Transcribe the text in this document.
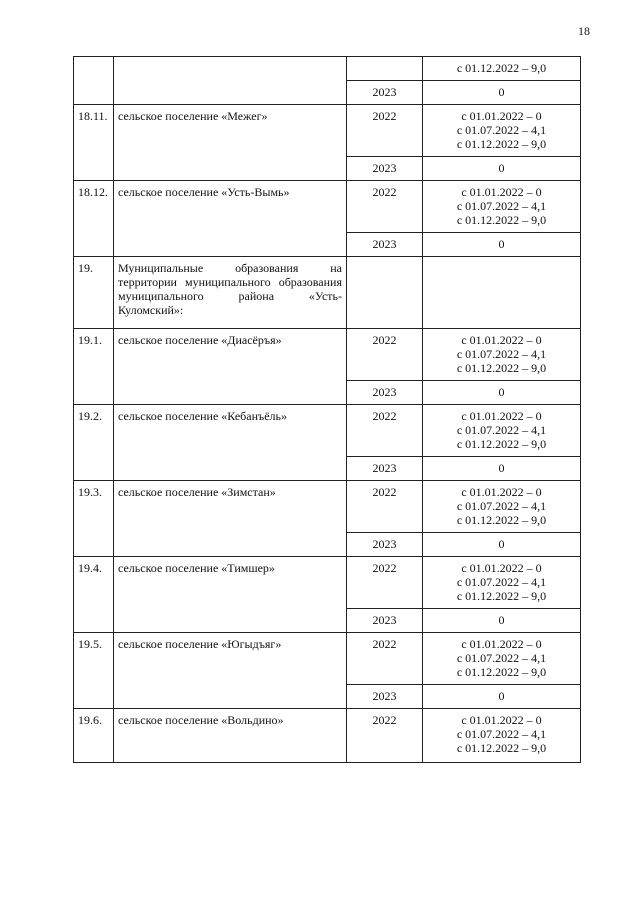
18

			с 01.12.2022 – 9,0

		2023	0
18.11.	сельское поселение «Межег»	2022	с 01.01.2022 – 0
с 01.07.2022 – 4,1
с 01.12.2022 – 9,0

		2023	0
18.12.	сельское поселение «Усть-Вымь»	2022	с 01.01.2022 – 0
с 01.07.2022 – 4,1
с 01.12.2022 – 9,0

		2023	0
19.	Муниципальные образования на территории муниципального образования муниципального района «Усть-Куломский»:		
19.1.	сельское поселение «Диасёръя»	2022	с 01.01.2022 – 0
с 01.07.2022 – 4,1
с 01.12.2022 – 9,0

		2023	0
19.2.	сельское поселение «Кебанъёль»	2022	с 01.01.2022 – 0
с 01.07.2022 – 4,1
с 01.12.2022 – 9,0

		2023	0
19.3.	сельское поселение «Зимстан»	2022	с 01.01.2022 – 0
с 01.07.2022 – 4,1
с 01.12.2022 – 9,0

		2023	0
19.4.	сельское поселение «Тимшер»	2022	с 01.01.2022 – 0
с 01.07.2022 – 4,1
с 01.12.2022 – 9,0

		2023	0
19.5.	сельское поселение «Югыдъяг»	2022	с 01.01.2022 – 0
с 01.07.2022 – 4,1
с 01.12.2022 – 9,0

		2023	0
19.6.	сельское поселение «Вольдино»	2022	с 01.01.2022 – 0
с 01.07.2022 – 4,1
с 01.12.2022 – 9,0
